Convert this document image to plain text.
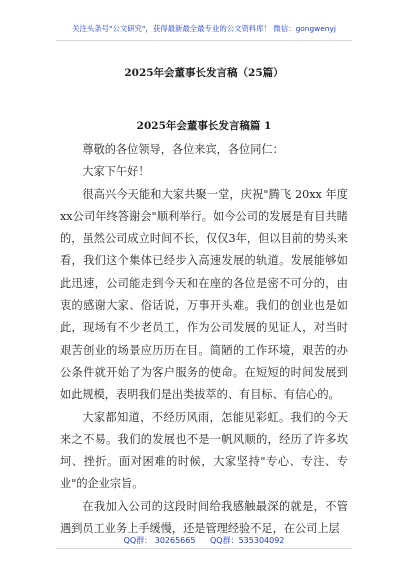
关注头条号"公文研究"，获得最新最全最专业的公文资料库！ 微信：gongwenyj
2025年会董事长发言稿（25篇）
2025年会董事长发言稿篇 1

尊敬的各位领导，各位来宾，各位同仁：

大家下午好！

很高兴今天能和大家共聚一堂，庆祝"腾飞 20xx 年度xx公司年终答谢会"顺利举行。如今公司的发展是有目共睹的，虽然公司成立时间不长，仅仅3年，但以目前的势头来看，我们这个集体已经步入高速发展的轨道。发展能够如此迅速，公司能走到今天和在座的各位是密不可分的，由衷的感谢大家、俗话说，万事开头难。我们的创业也是如此，现场有不少老员工，作为公司发展的见证人，对当时艰苦创业的场景应历历在目。简陋的工作环境，艰苦的办公条件就开始了为客户服务的使命。在短短的时间发展到如此规模，表明我们是出类拔萃的、有目标、有信心的。

大家都知道，不经历风雨，怎能见彩虹。我们的今天来之不易。我们的发展也不是一帆风顺的，经历了许多坎坷、挫折。面对困难的时候，大家坚持"专心、专注、专业"的企业宗旨。

在我加入公司的这段时间给我感触最深的就是，不管遇到员工业务上手缓慢，还是管理经验不足，在公司上层

QQ群： 30265665 QQ群：535304092
